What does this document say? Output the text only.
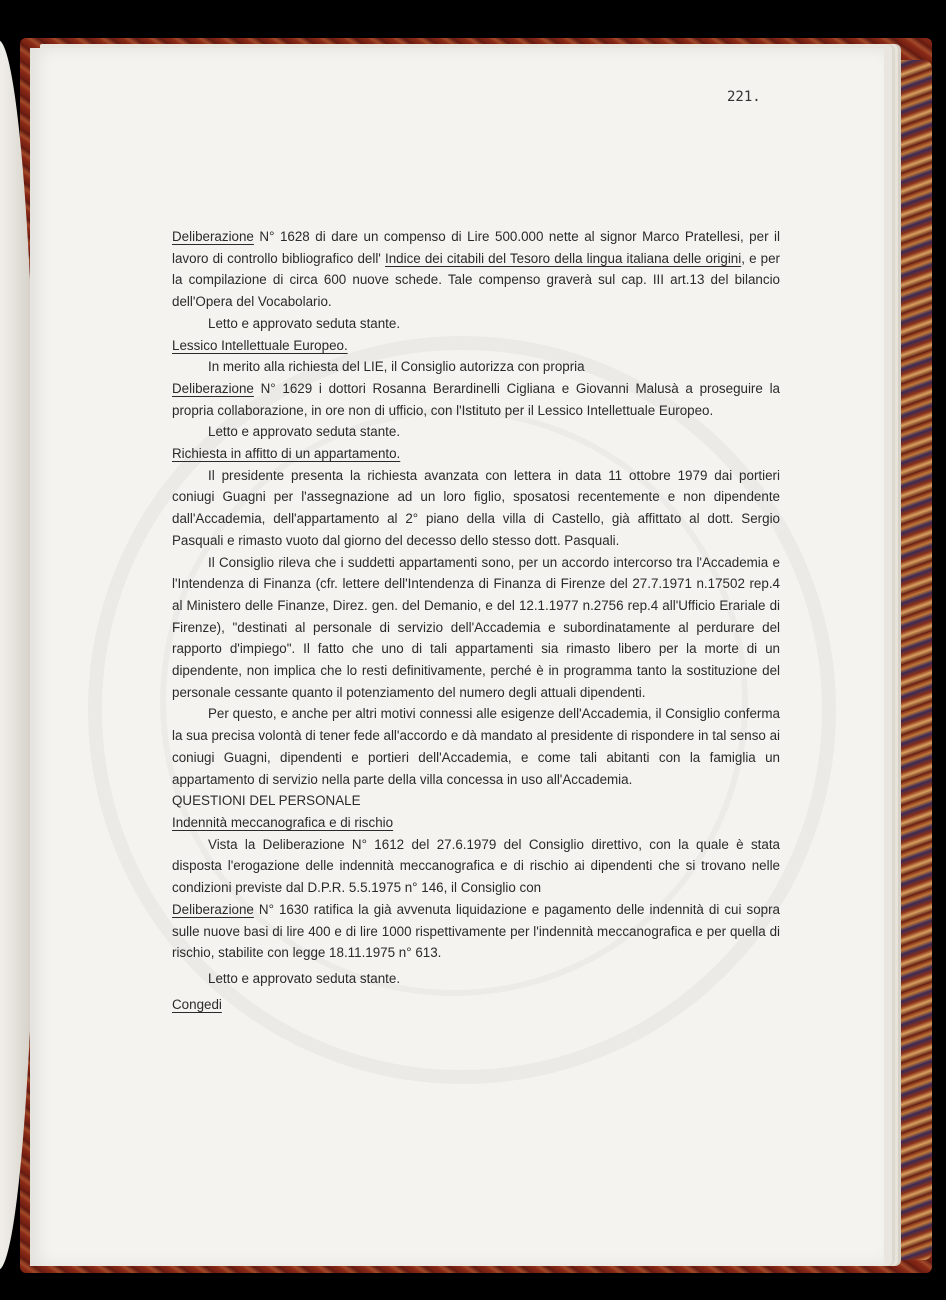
221.

Deliberazione N° 1628 di dare un compenso di Lire 500.000 nette al signor Marco Pratellesi, per il lavoro di controllo bibliografico dell' Indice dei citabili del Tesoro della lingua italiana delle origini, e per la compilazione di circa 600 nuove schede. Tale compenso graverà sul cap. III art.13 del bilancio dell'Opera del Vocabolario.

Letto e approvato seduta stante.

Lessico Intellettuale Europeo.

In merito alla richiesta del LIE, il Consiglio autorizza con propria

Deliberazione N° 1629 i dottori Rosanna Berardinelli Cigliana e Giovanni Malusà a proseguire la propria collaborazione, in ore non di ufficio, con l'Istituto per il Lessico Intellettuale Europeo.

Letto e approvato seduta stante.

Richiesta in affitto di un appartamento.

Il presidente presenta la richiesta avanzata con lettera in data 11 ottobre 1979 dai portieri coniugi Guagni per l'assegnazione ad un loro figlio, sposatosi recentemente e non dipendente dall'Accademia, dell'appartamento al 2° piano della villa di Castello, già affittato al dott. Sergio Pasquali e rimasto vuoto dal giorno del decesso dello stesso dott. Pasquali.

Il Consiglio rileva che i suddetti appartamenti sono, per un accordo intercorso tra l'Accademia e l'Intendenza di Finanza (cfr. lettere dell'Intendenza di Finanza di Firenze del 27.7.1971 n.17502 rep.4 al Ministero delle Finanze, Direz. gen. del Demanio, e del 12.1.1977 n.2756 rep.4 all'Ufficio Erariale di Firenze), "destinati al personale di servizio dell'Accademia e subordinatamente al perdurare del rapporto d'impiego". Il fatto che uno di tali appartamenti sia rimasto libero per la morte di un dipendente, non implica che lo resti definitivamente, perché è in programma tanto la sostituzione del personale cessante quanto il potenziamento del numero degli attuali dipendenti.

Per questo, e anche per altri motivi connessi alle esigenze dell'Accademia, il Consiglio conferma la sua precisa volontà di tener fede all'accordo e dà mandato al presidente di rispondere in tal senso ai coniugi Guagni, dipendenti e portieri dell'Accademia, e come tali abitanti con la famiglia un appartamento di servizio nella parte della villa concessa in uso all'Accademia.

QUESTIONI DEL PERSONALE

Indennità meccanografica e di rischio

Vista la Deliberazione N° 1612 del 27.6.1979 del Consiglio direttivo, con la quale è stata disposta l'erogazione delle indennità meccanografica e di rischio ai dipendenti che si trovano nelle condizioni previste dal D.P.R. 5.5.1975 n° 146, il Consiglio con

Deliberazione N° 1630 ratifica la già avvenuta liquidazione e pagamento delle indennità di cui sopra sulle nuove basi di lire 400 e di lire 1000 rispettivamente per l'indennità meccanografica e per quella di rischio, stabilite con legge 18.11.1975 n° 613.

Letto e approvato seduta stante.

Congedi
